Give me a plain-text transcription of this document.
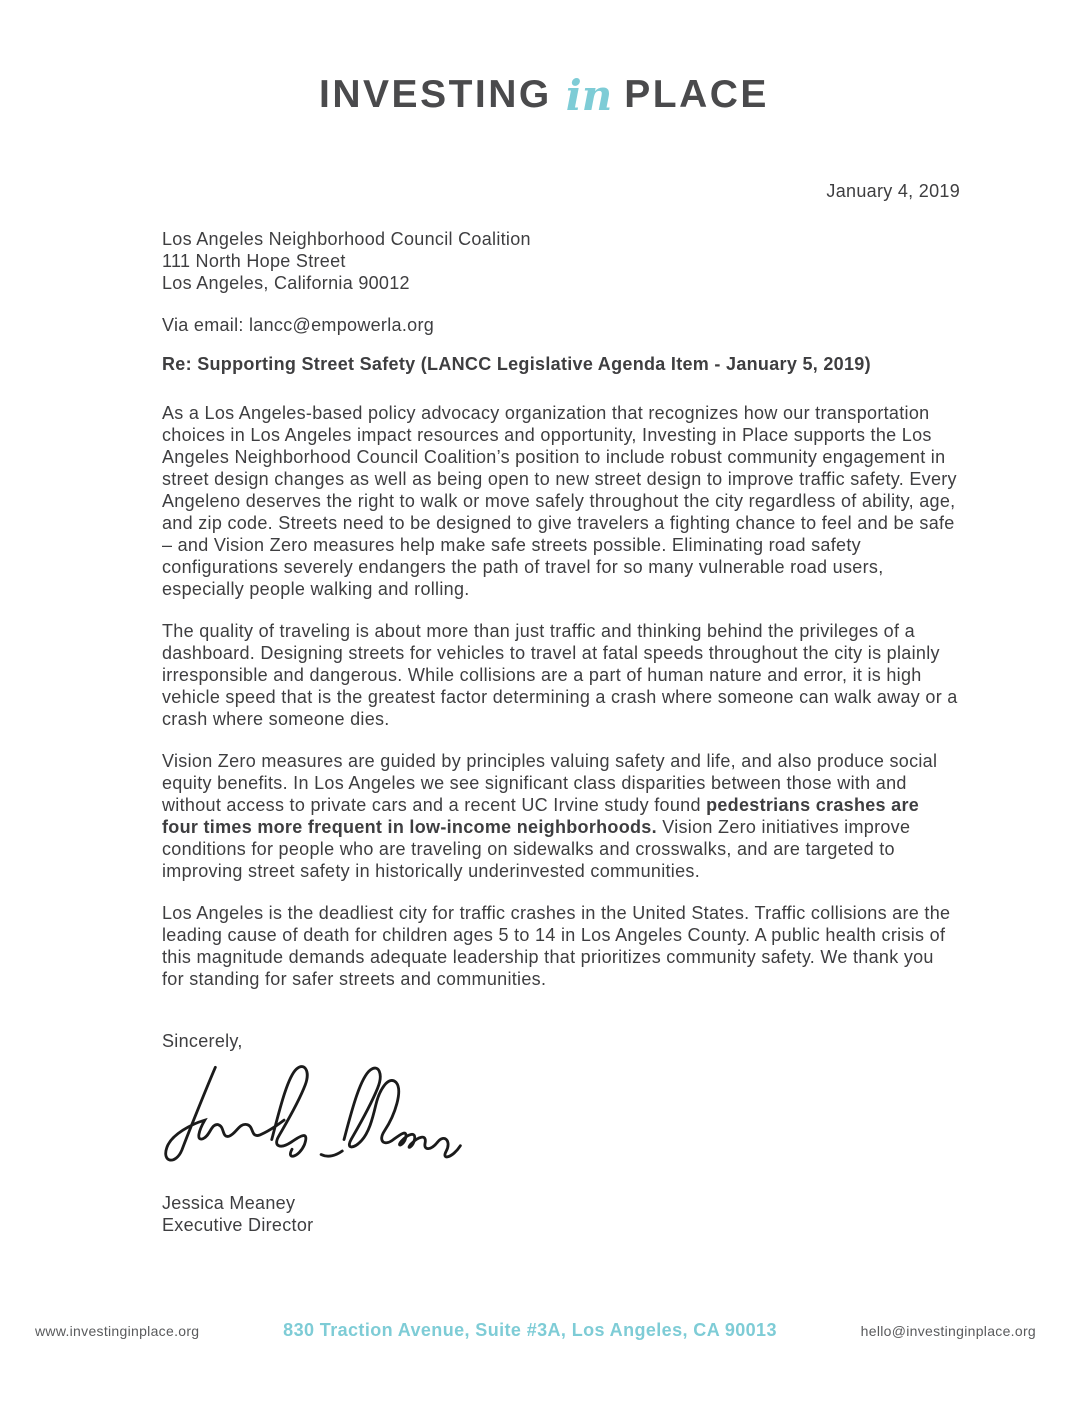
INVESTING in PLACE
January 4, 2019
Los Angeles Neighborhood Council Coalition
111 North Hope Street
Los Angeles, California 90012
Via email: lancc@empowerla.org
Re: Supporting Street Safety (LANCC Legislative Agenda Item - January 5, 2019)

As a Los Angeles-based policy advocacy organization that recognizes how our transportation choices in Los Angeles impact resources and opportunity, Investing in Place supports the Los Angeles Neighborhood Council Coalition’s position to include robust community engagement in street design changes as well as being open to new street design to improve traffic safety. Every Angeleno deserves the right to walk or move safely throughout the city regardless of ability, age, and zip code. Streets need to be designed to give travelers a fighting chance to feel and be safe – and Vision Zero measures help make safe streets possible. Eliminating road safety configurations severely endangers the path of travel for so many vulnerable road users, especially people walking and rolling.

The quality of traveling is about more than just traffic and thinking behind the privileges of a dashboard. Designing streets for vehicles to travel at fatal speeds throughout the city is plainly irresponsible and dangerous. While collisions are a part of human nature and error, it is high vehicle speed that is the greatest factor determining a crash where someone can walk away or a crash where someone dies.

Vision Zero measures are guided by principles valuing safety and life, and also produce social equity benefits. In Los Angeles we see significant class disparities between those with and without access to private cars and a recent UC Irvine study found pedestrians crashes are four times more frequent in low-income neighborhoods. Vision Zero initiatives improve conditions for people who are traveling on sidewalks and crosswalks, and are targeted to improving street safety in historically underinvested communities.

Los Angeles is the deadliest city for traffic crashes in the United States. Traffic collisions are the leading cause of death for children ages 5 to 14 in Los Angeles County. A public health crisis of this magnitude demands adequate leadership that prioritizes community safety. We thank you for standing for safer streets and communities.

Sincerely,
Jessica Meaney
Executive Director
www.investinginplace.org	830 Traction Avenue, Suite #3A, Los Angeles, CA 90013	hello@investinginplace.org
